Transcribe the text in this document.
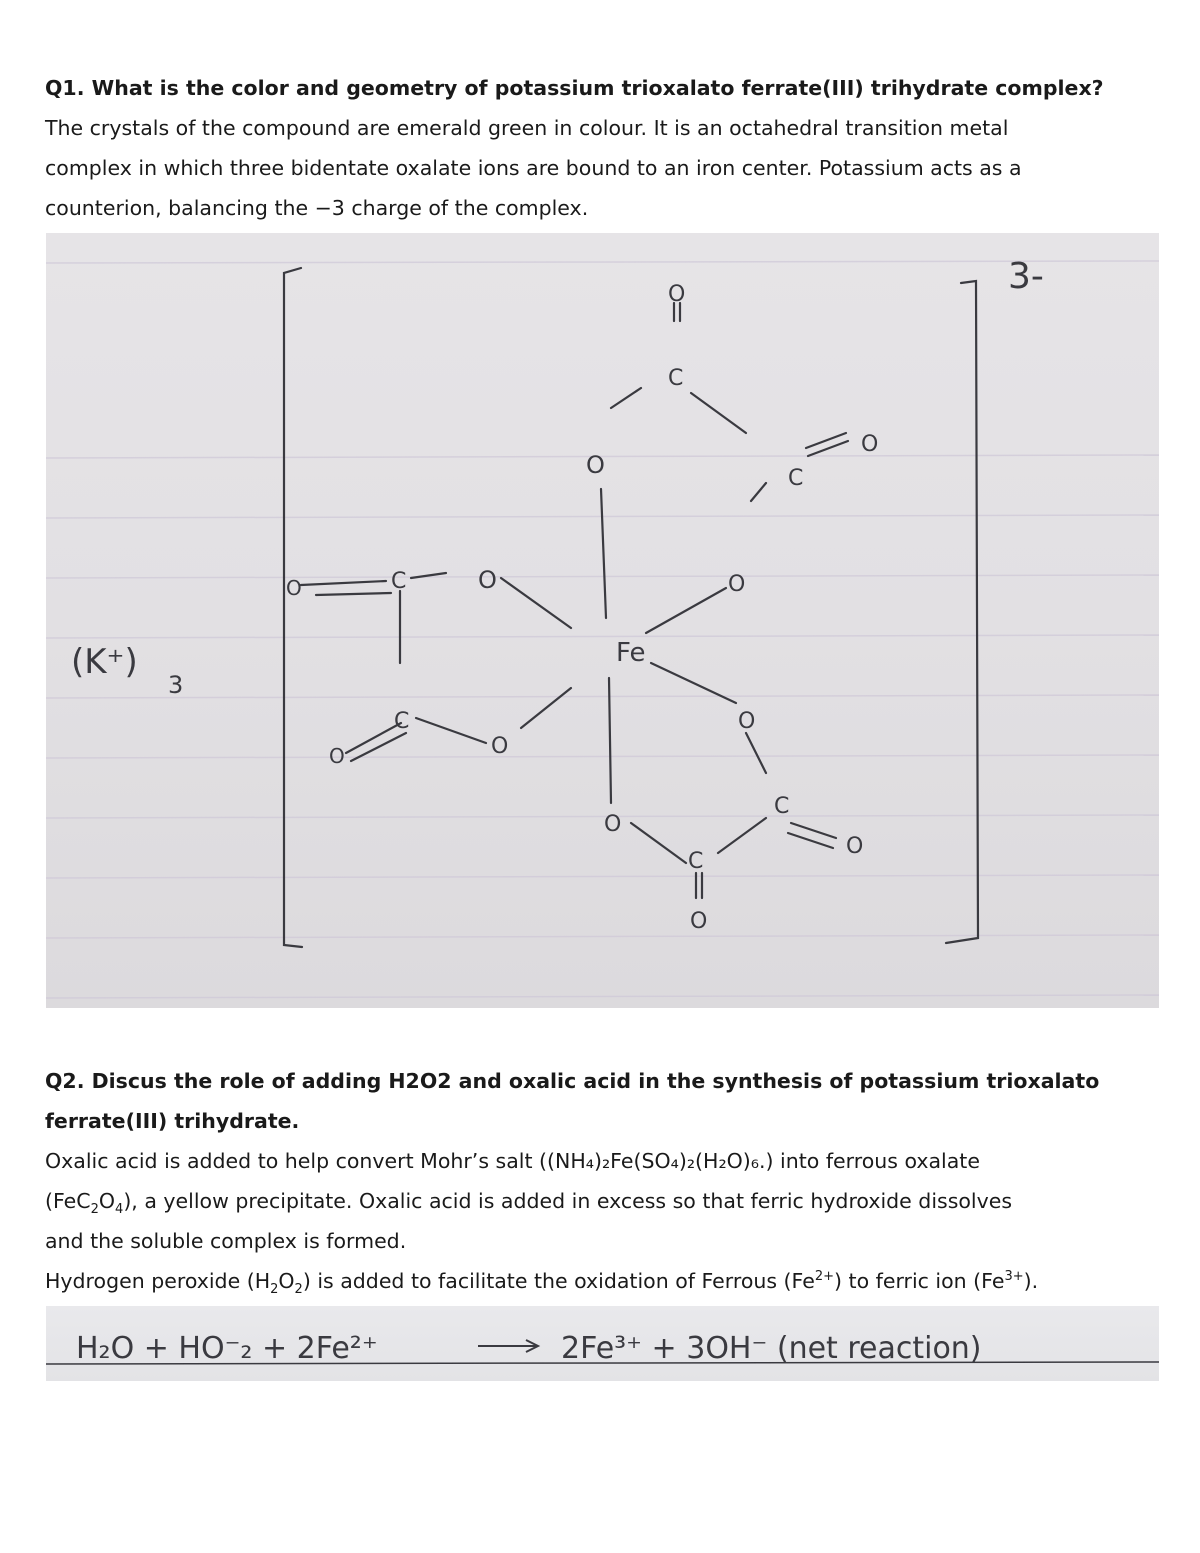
Q1. What is the color and geometry of potassium trioxalato ferrate(III) trihydrate complex?
The crystals of the compound are emerald green in colour. It is an octahedral transition metal
complex in which three bidentate oxalate ions are bound to an iron center. Potassium acts as a
counterion, balancing the −3 charge of the complex.
3-
(K⁺)
3
Fe
O
C
O	C
O
O
O	C	O
C
O	O
O
C
O
O
C
O
Q2. Discus the role of adding H2O2 and oxalic acid in the synthesis of potassium trioxalato
ferrate(III) trihydrate.
Oxalic acid is added to help convert Mohr’s salt ((NH₄)₂Fe(SO₄)₂(H₂O)₆.) into ferrous oxalate
$(FeC_2O_4)$, a yellow precipitate. Oxalic acid is added in excess so that ferric hydroxide dissolves
and the soluble complex is formed.
Hydrogen peroxide $(H_2O_2)$ is added to facilitate the oxidation of Ferrous $(Fe^{2+})$ to ferric ion $(Fe^{3+})$.
H₂O + HO⁻₂ + 2Fe²⁺	2Fe³⁺ + 3OH⁻ (net reaction)
